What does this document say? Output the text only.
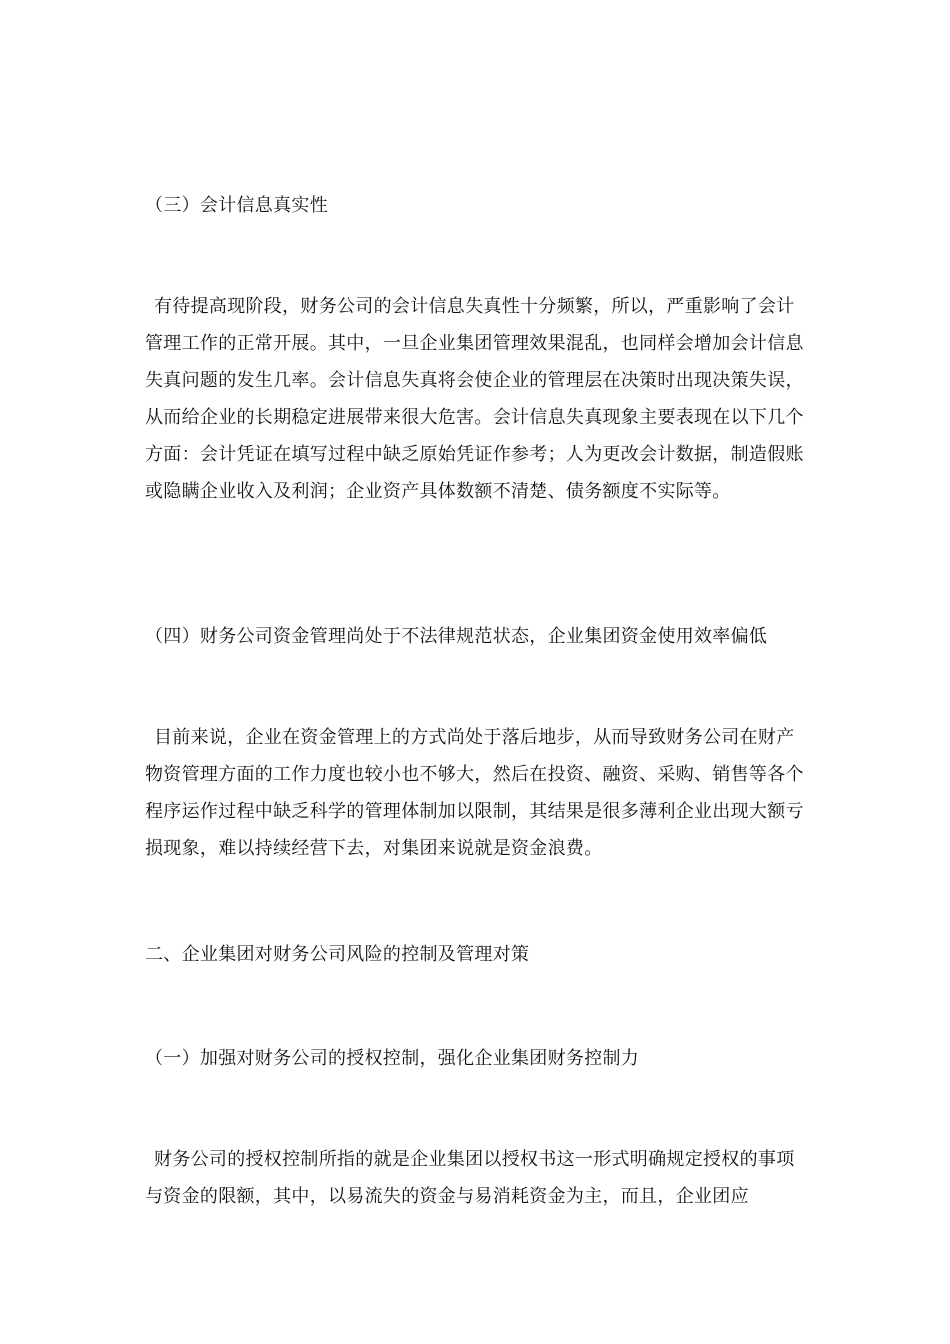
（三）会计信息真实性
有待提高现阶段，财务公司的会计信息失真性十分频繁，所以，严重影响了会计管理工作的正常开展。其中，一旦企业集团管理效果混乱，也同样会增加会计信息失真问题的发生几率。会计信息失真将会使企业的管理层在决策时出现决策失误，从而给企业的长期稳定进展带来很大危害。会计信息失真现象主要表现在以下几个方面：会计凭证在填写过程中缺乏原始凭证作参考；人为更改会计数据，制造假账或隐瞒企业收入及利润；企业资产具体数额不清楚、债务额度不实际等。
（四）财务公司资金管理尚处于不法律规范状态，企业集团资金使用效率偏低
目前来说，企业在资金管理上的方式尚处于落后地步，从而导致财务公司在财产物资管理方面的工作力度也较小也不够大，然后在投资、融资、采购、销售等各个程序运作过程中缺乏科学的管理体制加以限制，其结果是很多薄利企业出现大额亏损现象，难以持续经营下去，对集团来说就是资金浪费。
二、企业集团对财务公司风险的控制及管理对策
（一）加强对财务公司的授权控制，强化企业集团财务控制力
财务公司的授权控制所指的就是企业集团以授权书这一形式明确规定授权的事项与资金的限额，其中，以易流失的资金与易消耗资金为主，而且，企业团应
